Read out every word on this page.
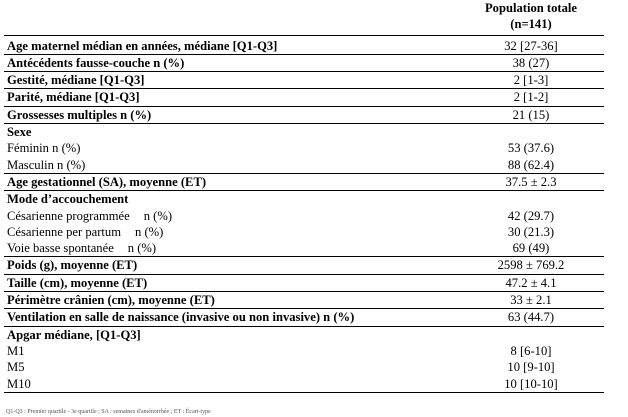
	Population totale
	(n=141)
Age maternel médian en années, médiane [Q1-Q3]	32 [27-36]
Antécédents fausse-couche n (%)	38 (27)
Gestité, médiane [Q1-Q3]	2 [1-3]
Parité, médiane [Q1-Q3]	2 [1-2]
Grossesses multiples n (%)	21 (15)
Sexe	
Féminin n (%)	53 (37.6)
Masculin n (%)	88 (62.4)
Age gestationnel (SA), moyenne (ET)	37.5 ± 2.3
Mode d’accouchement	
Césarienne programmée n (%)	42 (29.7)
Césarienne per partum n (%)	30 (21.3)
Voie basse spontanée n (%)	69 (49)
Poids (g), moyenne (ET)	2598 ± 769.2
Taille (cm), moyenne (ET)	47.2 ± 4.1
Périmètre crânien (cm), moyenne (ET)	33 ± 2.1
Ventilation en salle de naissance (invasive ou non invasive) n (%)	63 (44.7)
Apgar médiane, [Q1-Q3]	
M1	8 [6-10]
M5	10 [9-10]
M10	10 [10-10]
Q1-Q3 : Premier quartile - 3e quartile ; SA : semaines d'aménorrhée ; ET : Écart-type
